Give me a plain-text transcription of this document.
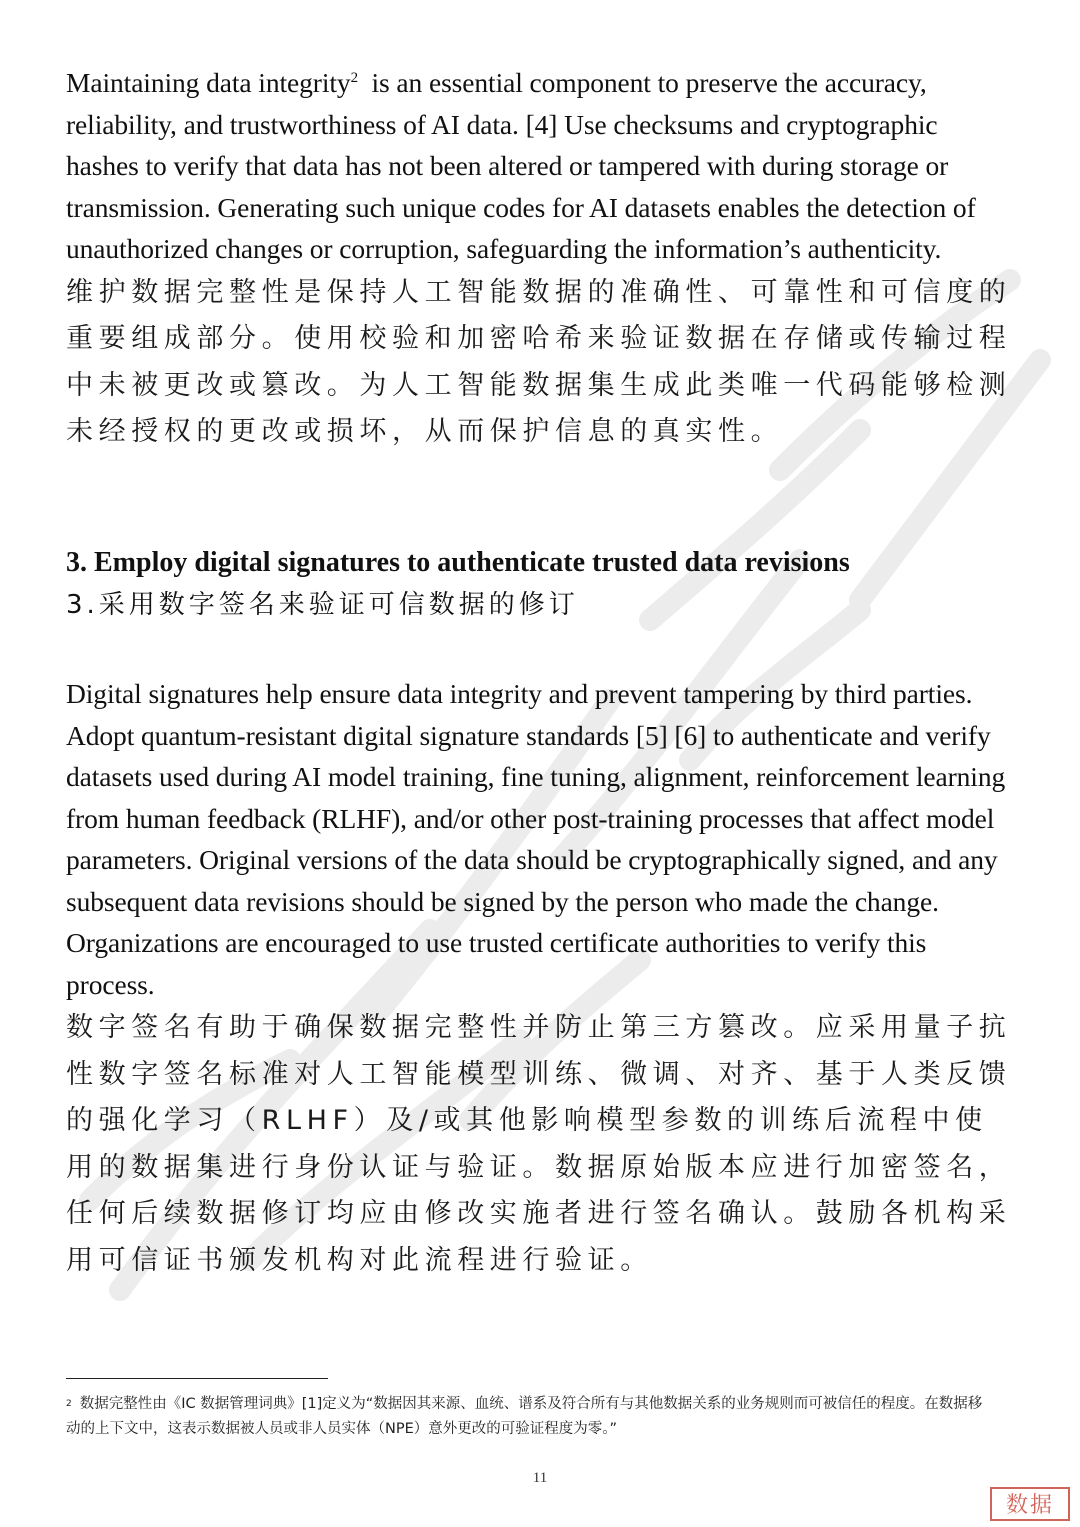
Maintaining data integrity$^2$  is an essential component to preserve the accuracy, reliability, and trustworthiness of AI data. [4] Use checksums and cryptographic hashes to verify that data has not been altered or tampered with during storage or transmission. Generating such unique codes for AI datasets enables the detection of unauthorized changes or corruption, safeguarding the information’s authenticity.

维护数据完整性是保持人工智能数据的准确性、可靠性和可信度的重要组成部分。使用校验和加密哈希来验证数据在存储或传输过程中未被更改或篡改。为人工智能数据集生成此类唯一代码能够检测未经授权的更改或损坏，从而保护信息的真实性。

3. Employ digital signatures to authenticate trusted data revisions
3.采用数字签名来验证可信数据的修订

Digital signatures help ensure data integrity and prevent tampering by third parties. Adopt quantum-resistant digital signature standards [5] [6] to authenticate and verify datasets used during AI model training, fine tuning, alignment, reinforcement learning from human feedback (RLHF), and/or other post-training processes that affect model parameters. Original versions of the data should be cryptographically signed, and any subsequent data revisions should be signed by the person who made the change. Organizations are encouraged to use trusted certificate authorities to verify this process.

数字签名有助于确保数据完整性并防止第三方篡改。应采用量子抗性数字签名标准对人工智能模型训练、微调、对齐、基于人类反馈的强化学习（RLHF）及/或其他影响模型参数的训练后流程中使用的数据集进行身份认证与验证。数据原始版本应进行加密签名，任何后续数据修订均应由修改实施者进行签名确认。鼓励各机构采用可信证书颁发机构对此流程进行验证。

$^2$ 数据完整性由《IC 数据管理词典》[1]定义为“数据因其来源、血统、谱系及符合所有与其他数据关系的业务规则而可被信任的程度。在数据移动的上下文中，这表示数据被人员或非人员实体（NPE）意外更改的可验证程度为零。”
11
数据
